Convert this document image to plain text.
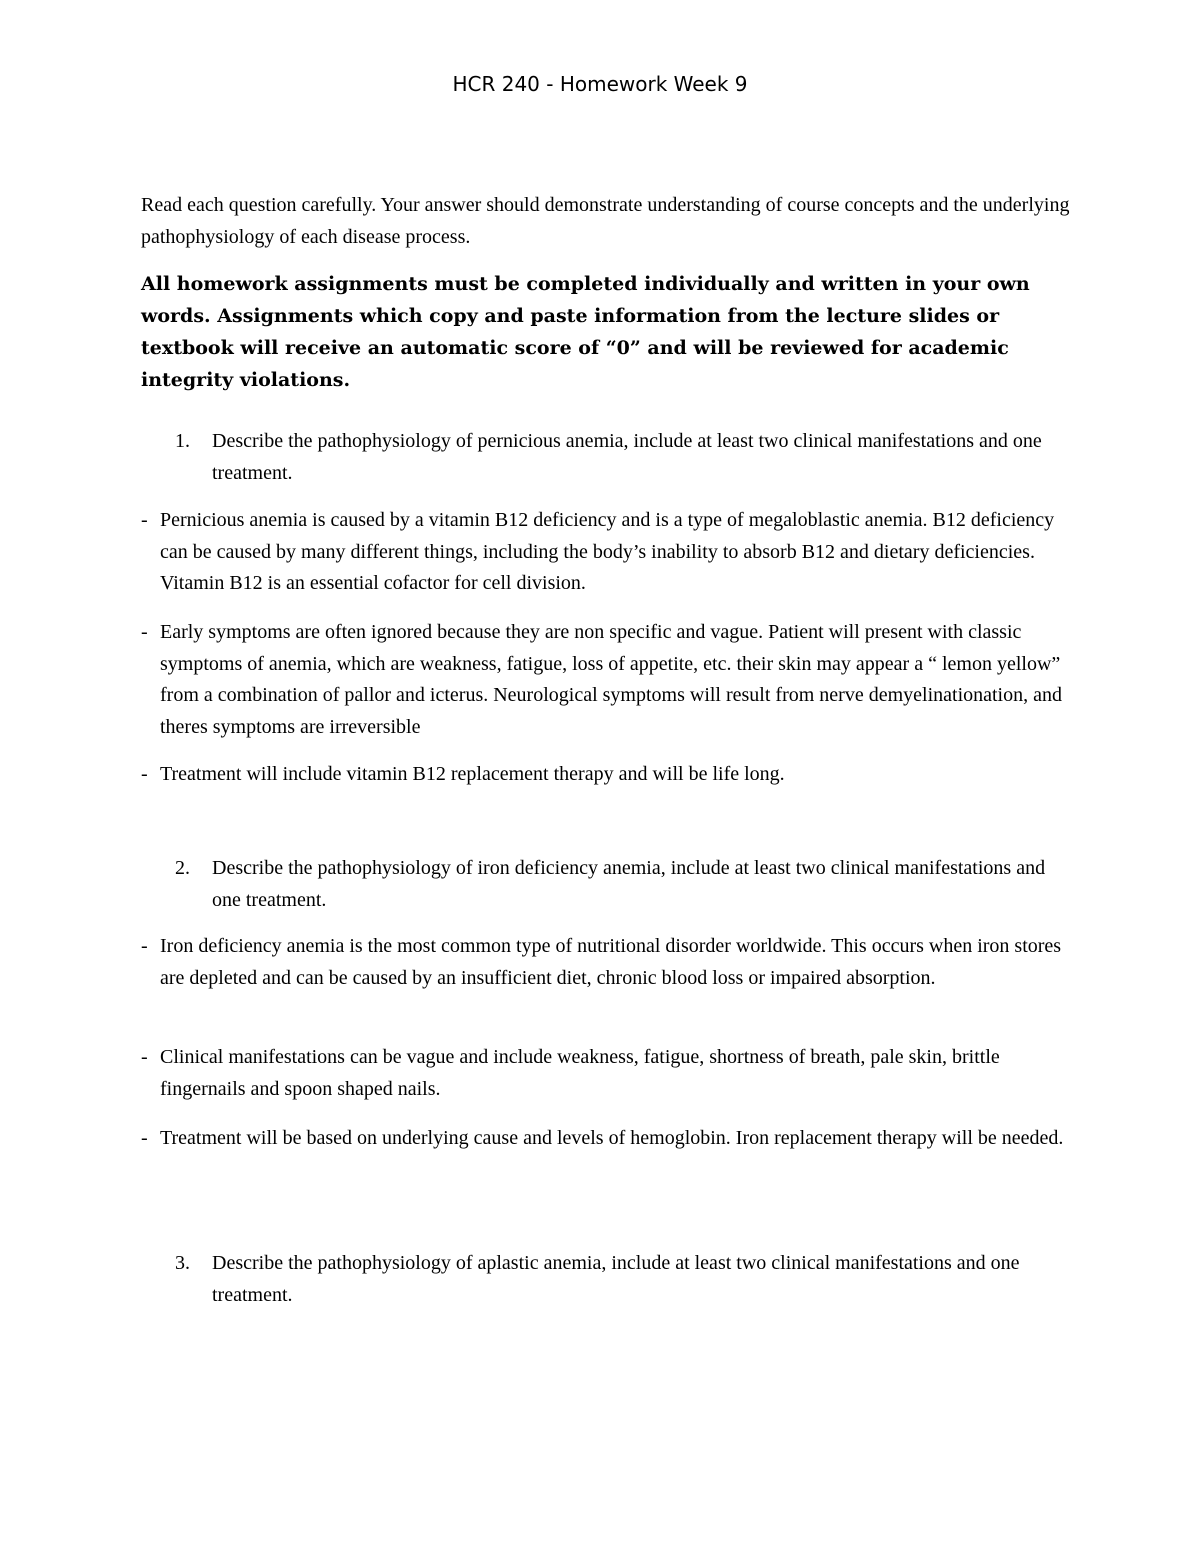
HCR 240 - Homework Week 9

Read each question carefully. Your answer should demonstrate understanding of course concepts and the underlying pathophysiology of each disease process.

All homework assignments must be completed individually and written in your own words. Assignments which copy and paste information from the lecture slides or textbook will receive an automatic score of “0” and will be reviewed for academic integrity violations.

1. Describe the pathophysiology of pernicious anemia, include at least two clinical manifestations and one treatment.
- Pernicious anemia is caused by a vitamin B12 deficiency and is a type of megaloblastic anemia. B12 deficiency can be caused by many different things, including the body’s inability to absorb B12 and dietary deficiencies. Vitamin B12 is an essential cofactor for cell division.
- Early symptoms are often ignored because they are non specific and vague. Patient will present with classic symptoms of anemia, which are weakness, fatigue, loss of appetite, etc. their skin may appear a “ lemon yellow” from a combination of pallor and icterus. Neurological symptoms will result from nerve demyelinationation, and theres symptoms are irreversible
- Treatment will include vitamin B12 replacement therapy and will be life long.
2. Describe the pathophysiology of iron deficiency anemia, include at least two clinical manifestations and one treatment.
- Iron deficiency anemia is the most common type of nutritional disorder worldwide. This occurs when iron stores are depleted and can be caused by an insufficient diet, chronic blood loss or impaired absorption.
- Clinical manifestations can be vague and include weakness, fatigue, shortness of breath, pale skin, brittle fingernails and spoon shaped nails.
- Treatment will be based on underlying cause and levels of hemoglobin. Iron replacement therapy will be needed.
3. Describe the pathophysiology of aplastic anemia, include at least two clinical manifestations and one treatment.
